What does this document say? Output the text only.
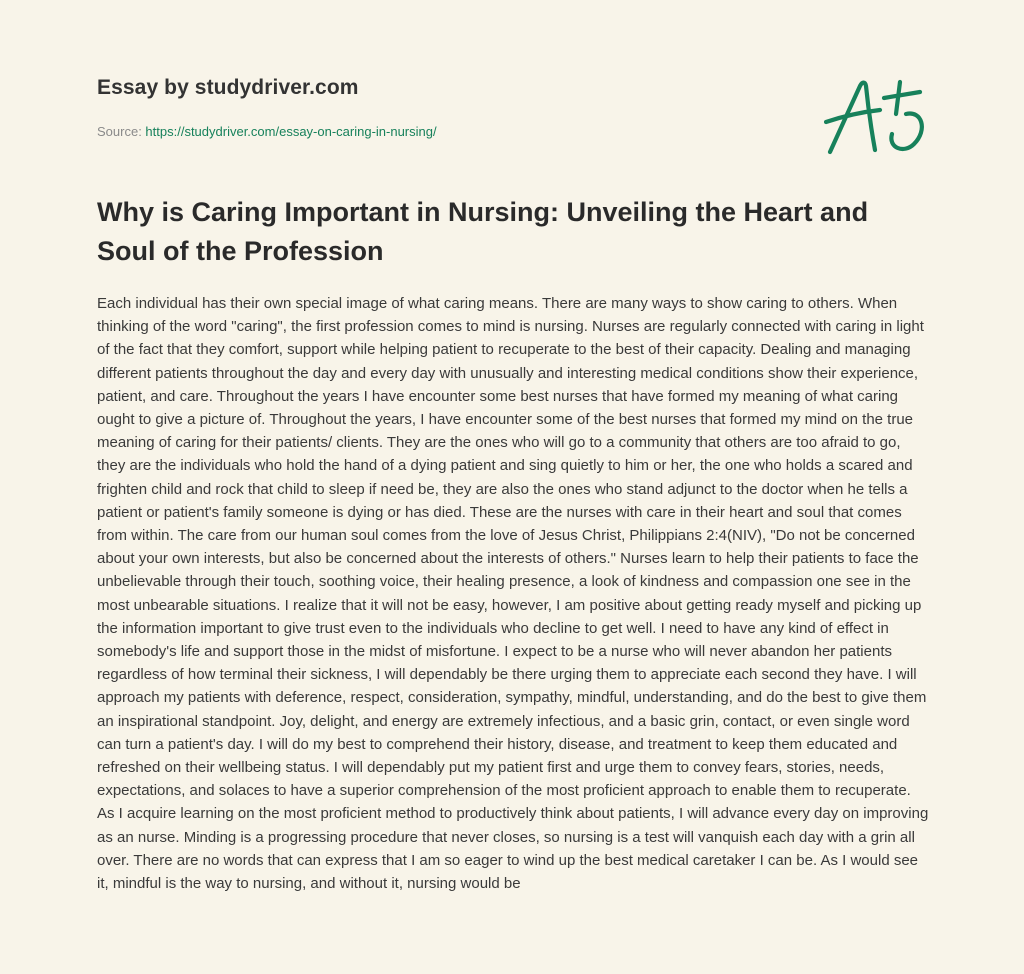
Essay by studydriver.com
Source: https://studydriver.com/essay-on-caring-in-nursing/
Why is Caring Important in Nursing: Unveiling the Heart and Soul of the Profession

Each individual has their own special image of what caring means. There are many ways to show caring to others. When thinking of the word "caring", the first profession comes to mind is nursing. Nurses are regularly connected with caring in light of the fact that they comfort, support while helping patient to recuperate to the best of their capacity. Dealing and managing different patients throughout the day and every day with unusually and interesting medical conditions show their experience, patient, and care. Throughout the years I have encounter some best nurses that have formed my meaning of what caring ought to give a picture of. Throughout the years, I have encounter some of the best nurses that formed my mind on the true meaning of caring for their patients/ clients. They are the ones who will go to a community that others are too afraid to go, they are the individuals who hold the hand of a dying patient and sing quietly to him or her, the one who holds a scared and frighten child and rock that child to sleep if need be, they are also the ones who stand adjunct to the doctor when he tells a patient or patient's family someone is dying or has died. These are the nurses with care in their heart and soul that comes from within. The care from our human soul comes from the love of Jesus Christ, Philippians 2:4(NIV), "Do not be concerned about your own interests, but also be concerned about the interests of others." Nurses learn to help their patients to face the unbelievable through their touch, soothing voice, their healing presence, a look of kindness and compassion one see in the most unbearable situations. I realize that it will not be easy, however, I am positive about getting ready myself and picking up the information important to give trust even to the individuals who decline to get well. I need to have any kind of effect in somebody's life and support those in the midst of misfortune. I expect to be a nurse who will never abandon her patients regardless of how terminal their sickness, I will dependably be there urging them to appreciate each second they have. I will approach my patients with deference, respect, consideration, sympathy, mindful, understanding, and do the best to give them an inspirational standpoint. Joy, delight, and energy are extremely infectious, and a basic grin, contact, or even single word can turn a patient's day. I will do my best to comprehend their history, disease, and treatment to keep them educated and refreshed on their wellbeing status. I will dependably put my patient first and urge them to convey fears, stories, needs, expectations, and solaces to have a superior comprehension of the most proficient approach to enable them to recuperate. As I acquire learning on the most proficient method to productively think about patients, I will advance every day on improving as an nurse. Minding is a progressing procedure that never closes, so nursing is a test will vanquish each day with a grin all over. There are no words that can express that I am so eager to wind up the best medical caretaker I can be. As I would see it, mindful is the way to nursing, and without it, nursing would be
